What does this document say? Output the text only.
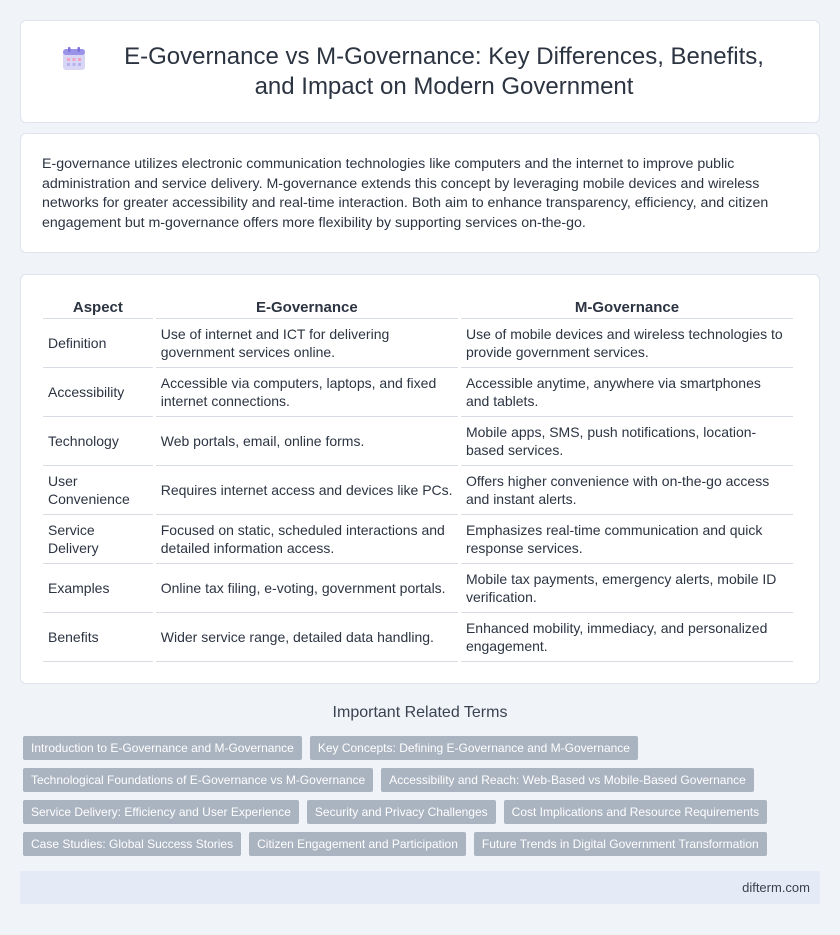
E-Governance vs M-Governance: Key Differences, Benefits, and Impact on Modern Government

E-governance utilizes electronic communication technologies like computers and the internet to improve public administration and service delivery. M-governance extends this concept by leveraging mobile devices and wireless networks for greater accessibility and real-time interaction. Both aim to enhance transparency, efficiency, and citizen engagement but m-governance offers more flexibility by supporting services on-the-go.

Aspect	E-Governance	M-Governance
Definition	Use of internet and ICT for delivering government services online.	Use of mobile devices and wireless technologies to provide government services.
Accessibility	Accessible via computers, laptops, and fixed internet connections.	Accessible anytime, anywhere via smartphones and tablets.
Technology	Web portals, email, online forms.	Mobile apps, SMS, push notifications, location-based services.
User Convenience	Requires internet access and devices like PCs.	Offers higher convenience with on-the-go access and instant alerts.
Service Delivery	Focused on static, scheduled interactions and detailed information access.	Emphasizes real-time communication and quick response services.
Examples	Online tax filing, e-voting, government portals.	Mobile tax payments, emergency alerts, mobile ID verification.
Benefits	Wider service range, detailed data handling.	Enhanced mobility, immediacy, and personalized engagement.
Important Related Terms
Introduction to E-Governance and M-Governance	Key Concepts: Defining E-Governance and M-Governance
Technological Foundations of E-Governance vs M-Governance	Accessibility and Reach: Web-Based vs Mobile-Based Governance
Service Delivery: Efficiency and User Experience	Security and Privacy Challenges	Cost Implications and Resource Requirements
Case Studies: Global Success Stories	Citizen Engagement and Participation	Future Trends in Digital Government Transformation
difterm.com
